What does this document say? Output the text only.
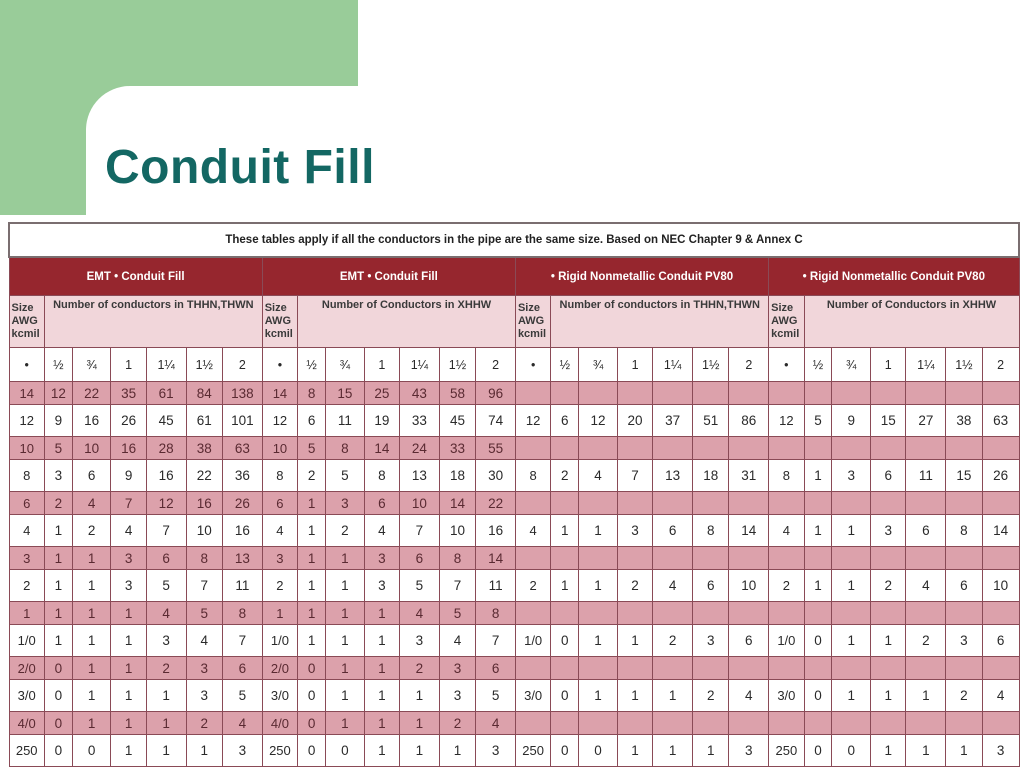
Conduit Fill
These tables apply if all the conductors in the pipe are the same size. Based on NEC Chapter 9 & Annex C																											
EMT • Conduit Fill							EMT • Conduit Fill							• Rigid Nonmetallic Conduit PV80							• Rigid Nonmetallic Conduit PV80						
Size AWG kcmil	Number of conductors in THHN,THWN						Size AWG kcmil	Number of Conductors in XHHW						Size AWG kcmil	Number of conductors in THHN,THWN						Size AWG kcmil	Number of Conductors in XHHW					
•	½	¾	1	1¼	1½	2	•	½	¾	1	1¼	1½	2	•	½	¾	1	1¼	1½	2	•	½	¾	1	1¼	1½	2
14	12	22	35	61	84	138	14	8	15	25	43	58	96														
12	9	16	26	45	61	101	12	6	11	19	33	45	74	12	6	12	20	37	51	86	12	5	9	15	27	38	63
10	5	10	16	28	38	63	10	5	8	14	24	33	55														
8	3	6	9	16	22	36	8	2	5	8	13	18	30	8	2	4	7	13	18	31	8	1	3	6	11	15	26
6	2	4	7	12	16	26	6	1	3	6	10	14	22														
4	1	2	4	7	10	16	4	1	2	4	7	10	16	4	1	1	3	6	8	14	4	1	1	3	6	8	14
3	1	1	3	6	8	13	3	1	1	3	6	8	14														
2	1	1	3	5	7	11	2	1	1	3	5	7	11	2	1	1	2	4	6	10	2	1	1	2	4	6	10
1	1	1	1	4	5	8	1	1	1	1	4	5	8														
1/0	1	1	1	3	4	7	1/0	1	1	1	3	4	7	1/0	0	1	1	2	3	6	1/0	0	1	1	2	3	6
2/0	0	1	1	2	3	6	2/0	0	1	1	2	3	6														
3/0	0	1	1	1	3	5	3/0	0	1	1	1	3	5	3/0	0	1	1	1	2	4	3/0	0	1	1	1	2	4
4/0	0	1	1	1	2	4	4/0	0	1	1	1	2	4														
250	0	0	1	1	1	3	250	0	0	1	1	1	3	250	0	0	1	1	1	3	250	0	0	1	1	1	3
